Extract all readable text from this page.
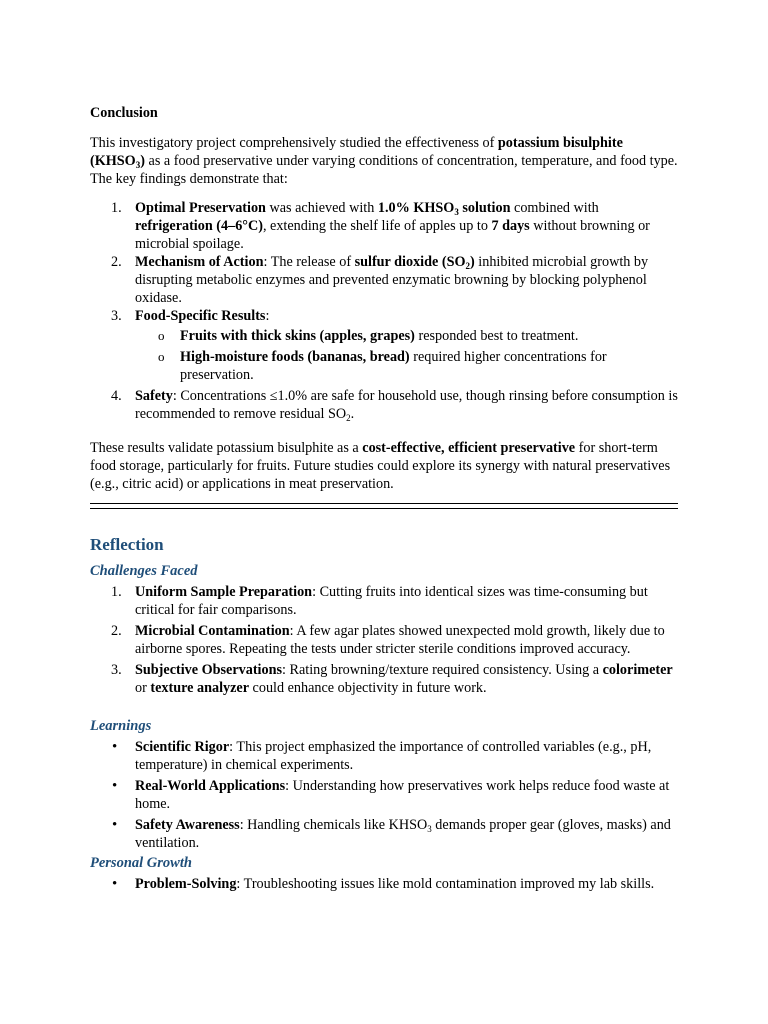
Conclusion

This investigatory project comprehensively studied the effectiveness of potassium bisulphite $(KHSO_3)$ as a food preservative under varying conditions of concentration, temperature, and food type. The key findings demonstrate that:

1. Optimal Preservation was achieved with 1.0% $KHSO_3$ solution combined with refrigeration (4–6°C), extending the shelf life of apples up to 7 days without browning or microbial spoilage.
2. Mechanism of Action: The release of sulfur dioxide $(SO_2)$ inhibited microbial growth by disrupting metabolic enzymes and prevented enzymatic browning by blocking polyphenol oxidase.
3. Food-Specific Results:
o Fruits with thick skins (apples, grapes) responded best to treatment.
o High-moisture foods (bananas, bread) required higher concentrations for preservation.
4. Safety: Concentrations ≤1.0% are safe for household use, though rinsing before consumption is recommended to remove residual $SO_2$.

These results validate potassium bisulphite as a cost-effective, efficient preservative for short-term food storage, particularly for fruits. Future studies could explore its synergy with natural preservatives (e.g., citric acid) or applications in meat preservation.

Reflection
Challenges Faced
1. Uniform Sample Preparation: Cutting fruits into identical sizes was time-consuming but critical for fair comparisons.
2. Microbial Contamination: A few agar plates showed unexpected mold growth, likely due to airborne spores. Repeating the tests under stricter sterile conditions improved accuracy.
3. Subjective Observations: Rating browning/texture required consistency. Using a colorimeter or texture analyzer could enhance objectivity in future work.
Learnings
• Scientific Rigor: This project emphasized the importance of controlled variables (e.g., pH, temperature) in chemical experiments.
• Real-World Applications: Understanding how preservatives work helps reduce food waste at home.
• Safety Awareness: Handling chemicals like $KHSO_3$ demands proper gear (gloves, masks) and ventilation.
Personal Growth
• Problem-Solving: Troubleshooting issues like mold contamination improved my lab skills.
